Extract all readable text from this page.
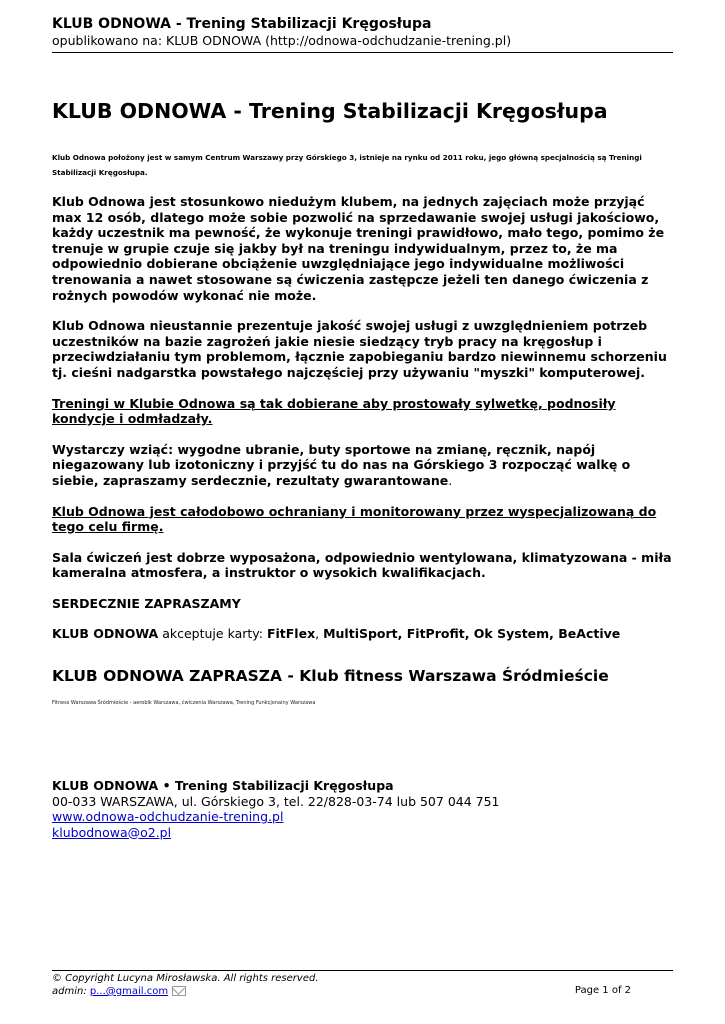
KLUB ODNOWA - Trening Stabilizacji Kręgosłupa
opublikowano na: KLUB ODNOWA (http://odnowa-odchudzanie-trening.pl)
KLUB ODNOWA - Trening Stabilizacji Kręgosłupa

Klub Odnowa położony jest w samym Centrum Warszawy przy Górskiego 3, istnieje na rynku od 2011 roku, jego główną specjalnością są Treningi Stabilizacji Kręgosłupa.

Klub Odnowa jest stosunkowo niedużym klubem, na jednych zajęciach może przyjąć max 12 osób, dlatego może sobie pozwolić na sprzedawanie swojej usługi jakościowo, każdy uczestnik ma pewność, że wykonuje treningi prawidłowo, mało tego, pomimo że trenuje w grupie czuje się jakby był na treningu indywidualnym, przez to, że ma odpowiednio dobierane obciążenie uwzględniające jego indywidualne możliwości trenowania a nawet stosowane są ćwiczenia zastępcze jeżeli ten danego ćwiczenia z rożnych powodów wykonać nie może.

Klub Odnowa nieustannie prezentuje jakość swojej usługi z uwzględnieniem potrzeb uczestników na bazie zagrożeń jakie niesie siedzący tryb pracy na kręgosłup i przeciwdziałaniu tym problemom, łącznie zapobieganiu bardzo niewinnemu schorzeniu tj. cieśni nadgarstka powstałego najczęściej przy używaniu "myszki" komputerowej.

Treningi w Klubie Odnowa są tak dobierane aby prostowały sylwetkę, podnosiły kondycje i odmładzały.

Wystarczy wziąć: wygodne ubranie, buty sportowe na zmianę, ręcznik, napój niegazowany lub izotoniczny i przyjść tu do nas na Górskiego 3 rozpocząć walkę o siebie, zapraszamy serdecznie, rezultaty gwarantowane.

Klub Odnowa jest całodobowo ochraniany i monitorowany przez wyspecjalizowaną do tego celu firmę.

Sala ćwiczeń jest dobrze wyposażona, odpowiednio wentylowana, klimatyzowana - miła kameralna atmosfera, a instruktor o wysokich kwalifikacjach.

SERDECZNIE ZAPRASZAMY

KLUB ODNOWA akceptuje karty: FitFlex, MultiSport, FitProfit, Ok System, BeActive

KLUB ODNOWA ZAPRASZA - Klub fitness Warszawa Śródmieście

Fitness Warszawa Śródmieście - aerobik Warszawa, ćwiczenia Warszawa, Trening Funkcjonalny Warszawa

KLUB ODNOWA • Trening Stabilizacji Kręgosłupa
00-033 WARSZAWA, ul. Górskiego 3, tel. 22/828-03-74 lub 507 044 751
www.odnowa-odchudzanie-trening.pl
klubodnowa@o2.pl
© Copyright Lucyna Mirosławska. All rights reserved.
admin: p...@gmail.com	Page 1 of 2
